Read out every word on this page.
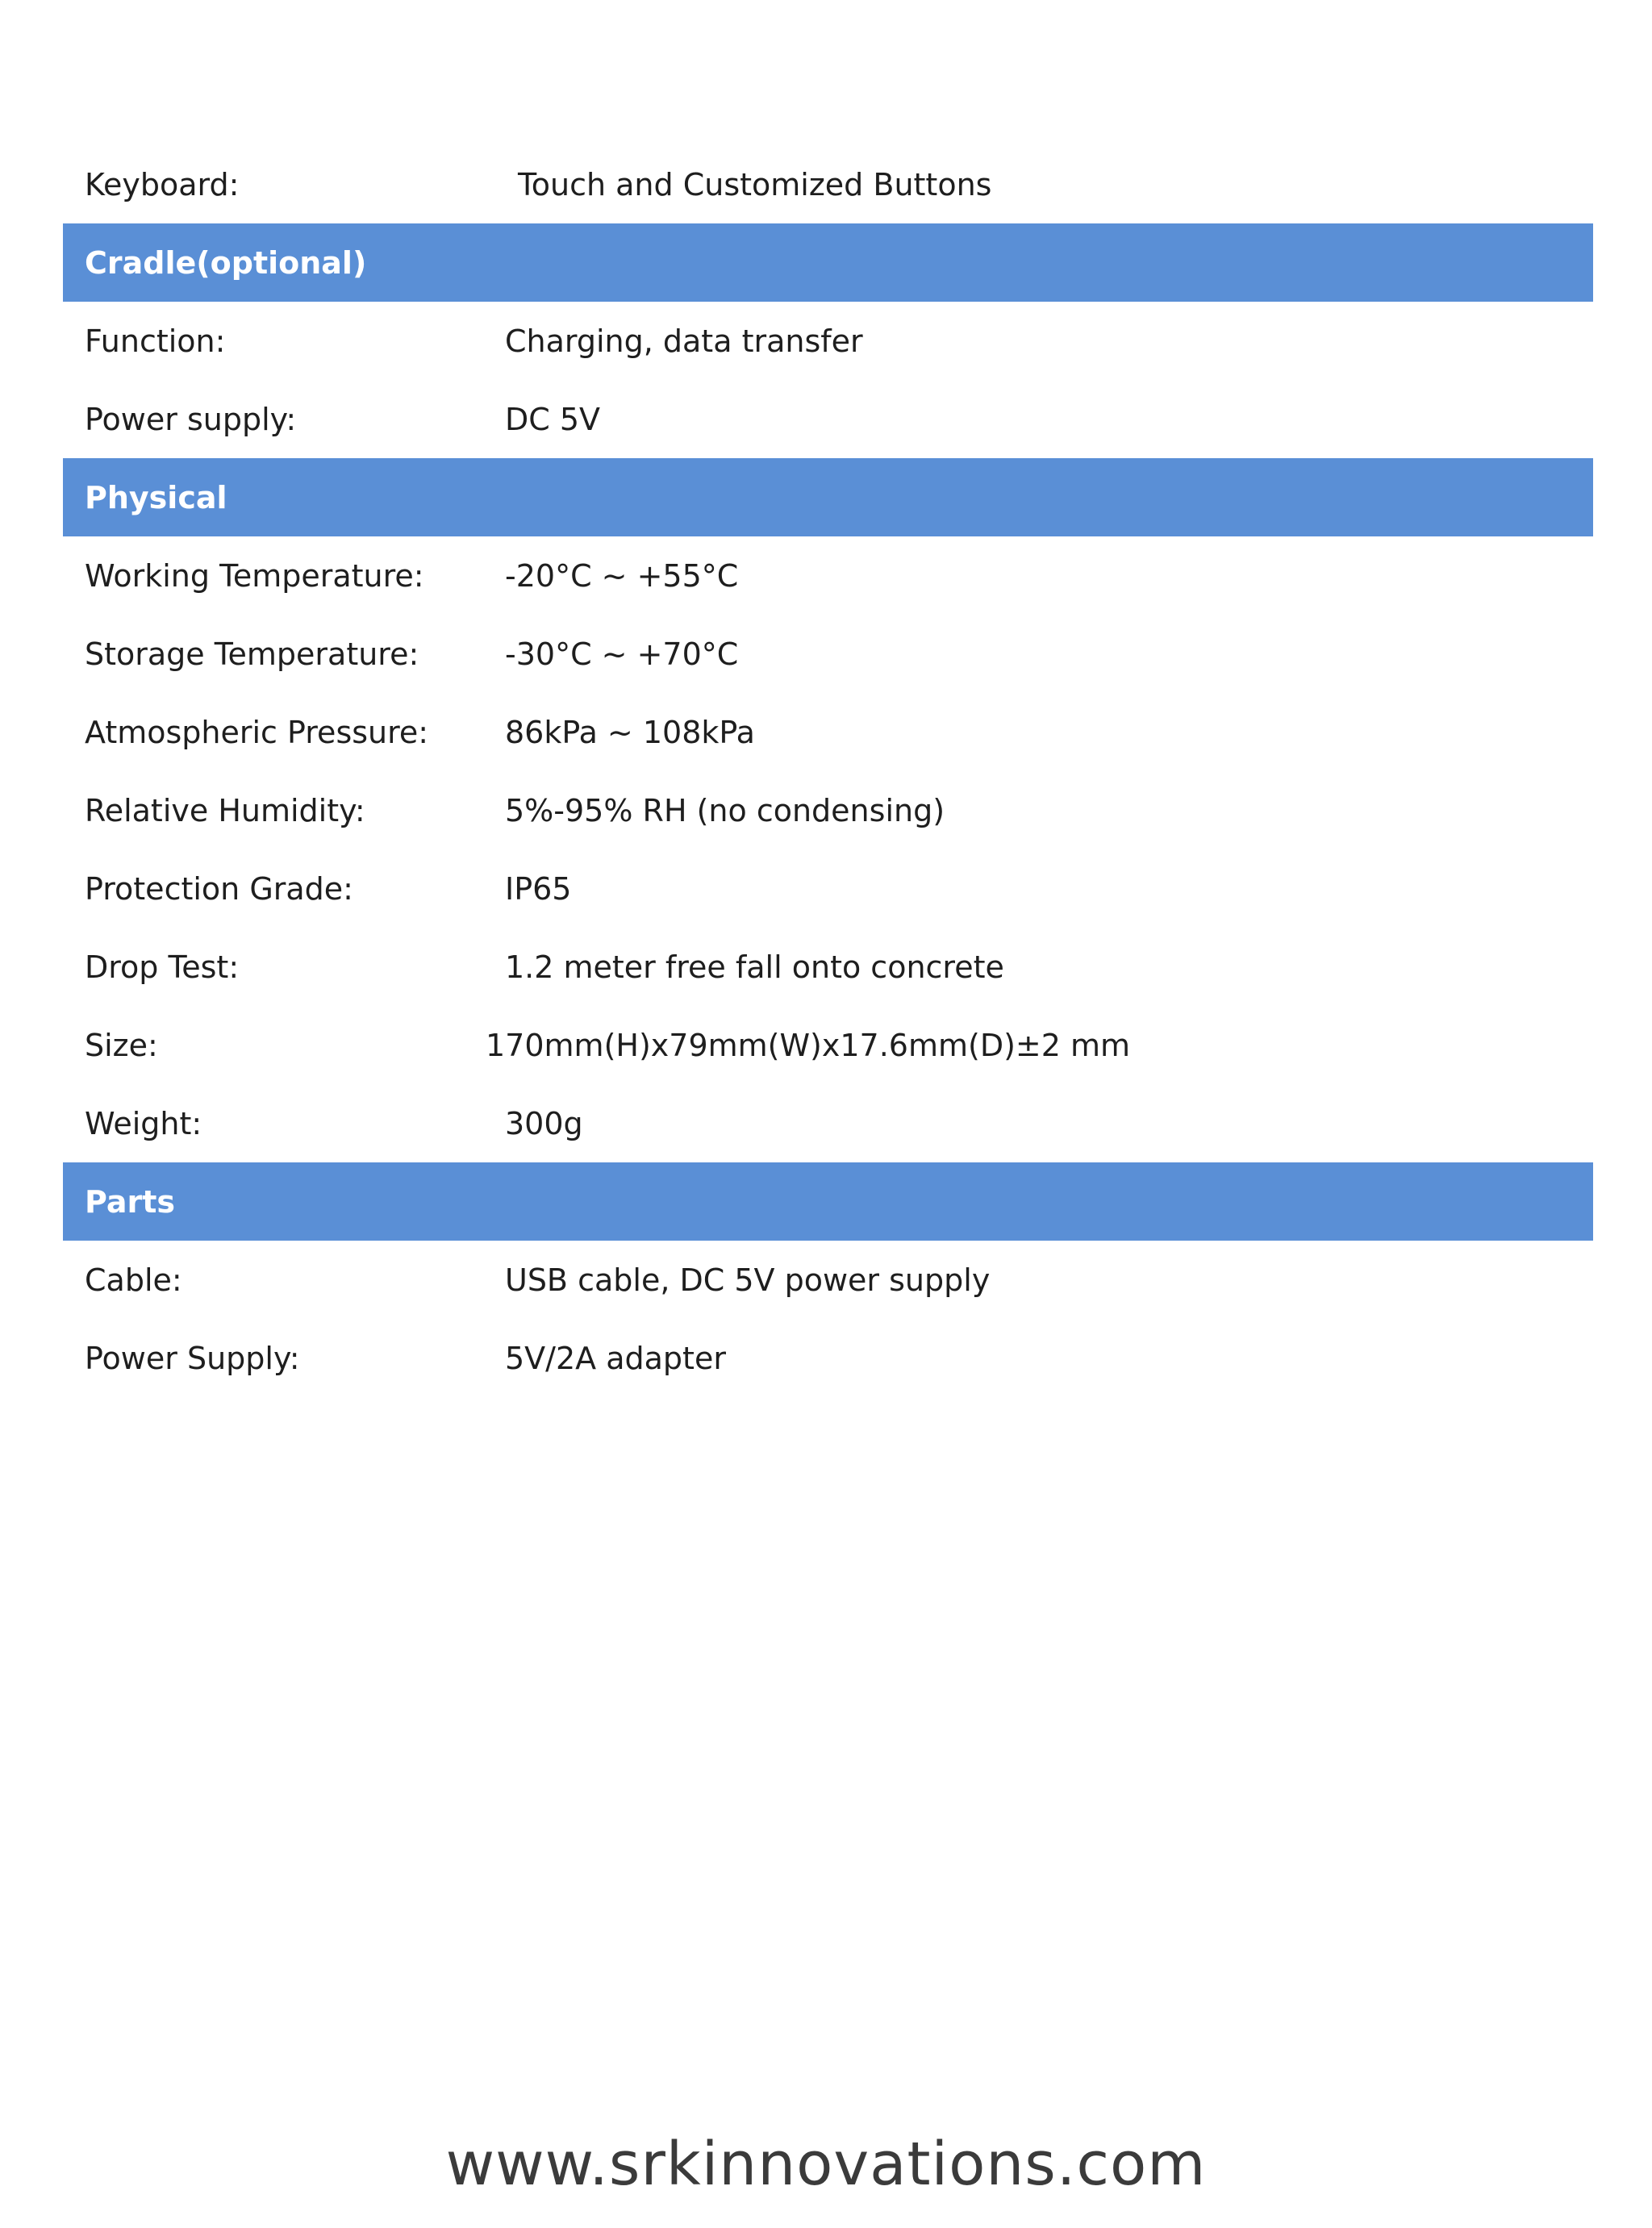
Keyboard:	Touch and Customized Buttons
Cradle(optional)
Function:	Charging, data transfer
Power supply:	DC 5V
Physical
Working Temperature:	-20°C ~ +55°C
Storage Temperature:	-30°C ~ +70°C
Atmospheric Pressure: 86kPa ~ 108kPa
Relative Humidity:	5%-95% RH (no condensing)
Protection Grade:	IP65
Drop Test:	1.2 meter free fall onto concrete
Size:	170mm(H)x79mm(W)x17.6mm(D)±2 mm
Weight:	300g
Parts
Cable:	USB cable, DC 5V power supply
Power Supply:	5V/2A adapter
www.srkinnovations.com
